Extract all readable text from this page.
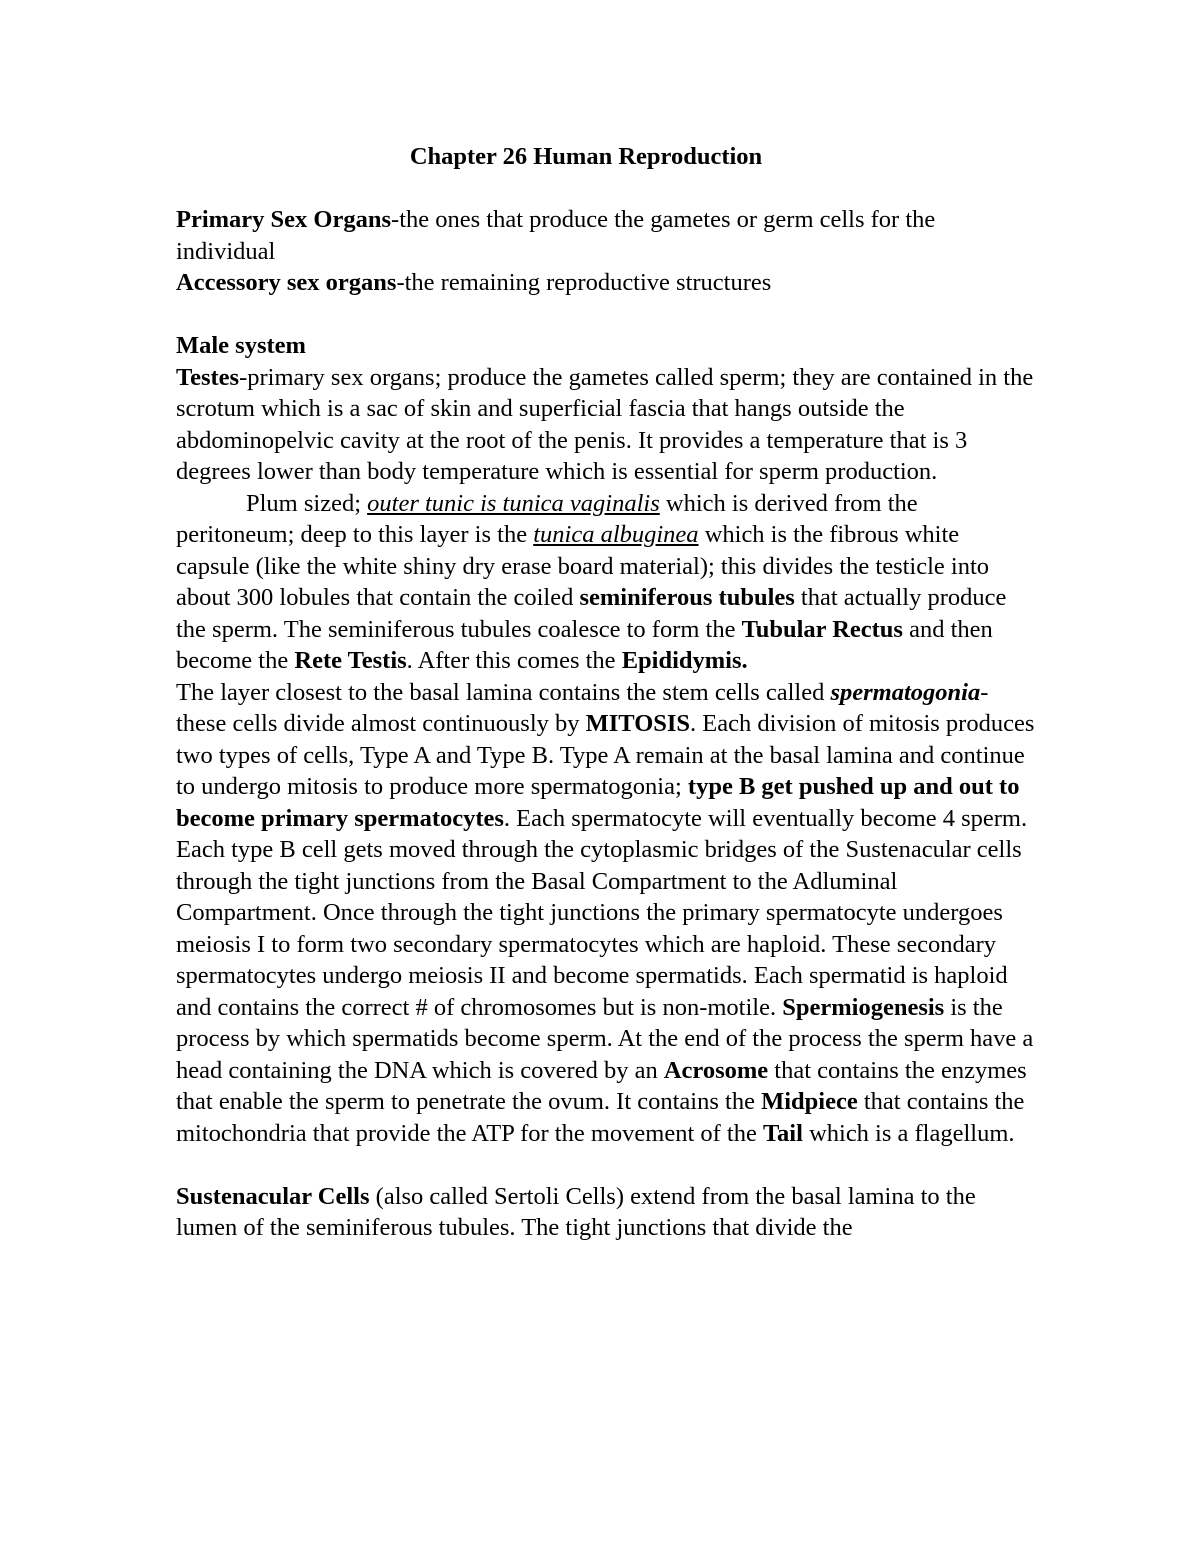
Chapter 26 Human Reproduction

Primary Sex Organs-the ones that produce the gametes or germ cells for the individual

Accessory sex organs-the remaining reproductive structures

Male system

Testes-primary sex organs; produce the gametes called sperm; they are contained in the scrotum which is a sac of skin and superficial fascia that hangs outside the abdominopelvic cavity at the root of the penis. It provides a temperature that is 3 degrees lower than body temperature which is essential for sperm production.

Plum sized; outer tunic is tunica vaginalis which is derived from the peritoneum; deep to this layer is the tunica albuginea which is the fibrous white capsule (like the white shiny dry erase board material); this divides the testicle into about 300 lobules that contain the coiled seminiferous tubules that actually produce the sperm. The seminiferous tubules coalesce to form the Tubular Rectus and then become the Rete Testis. After this comes the Epididymis.

The layer closest to the basal lamina contains the stem cells called spermatogonia-these cells divide almost continuously by MITOSIS. Each division of mitosis produces two types of cells, Type A and Type B. Type A remain at the basal lamina and continue to undergo mitosis to produce more spermatogonia; type B get pushed up and out to become primary spermatocytes. Each spermatocyte will eventually become 4 sperm. Each type B cell gets moved through the cytoplasmic bridges of the Sustenacular cells through the tight junctions from the Basal Compartment to the Adluminal Compartment. Once through the tight junctions the primary spermatocyte undergoes meiosis I to form two secondary spermatocytes which are haploid. These secondary spermatocytes undergo meiosis II and become spermatids. Each spermatid is haploid and contains the correct # of chromosomes but is non-motile. Spermiogenesis is the process by which spermatids become sperm. At the end of the process the sperm have a head containing the DNA which is covered by an Acrosome that contains the enzymes that enable the sperm to penetrate the ovum. It contains the Midpiece that contains the mitochondria that provide the ATP for the movement of the Tail which is a flagellum.

Sustenacular Cells (also called Sertoli Cells) extend from the basal lamina to the lumen of the seminiferous tubules. The tight junctions that divide the
